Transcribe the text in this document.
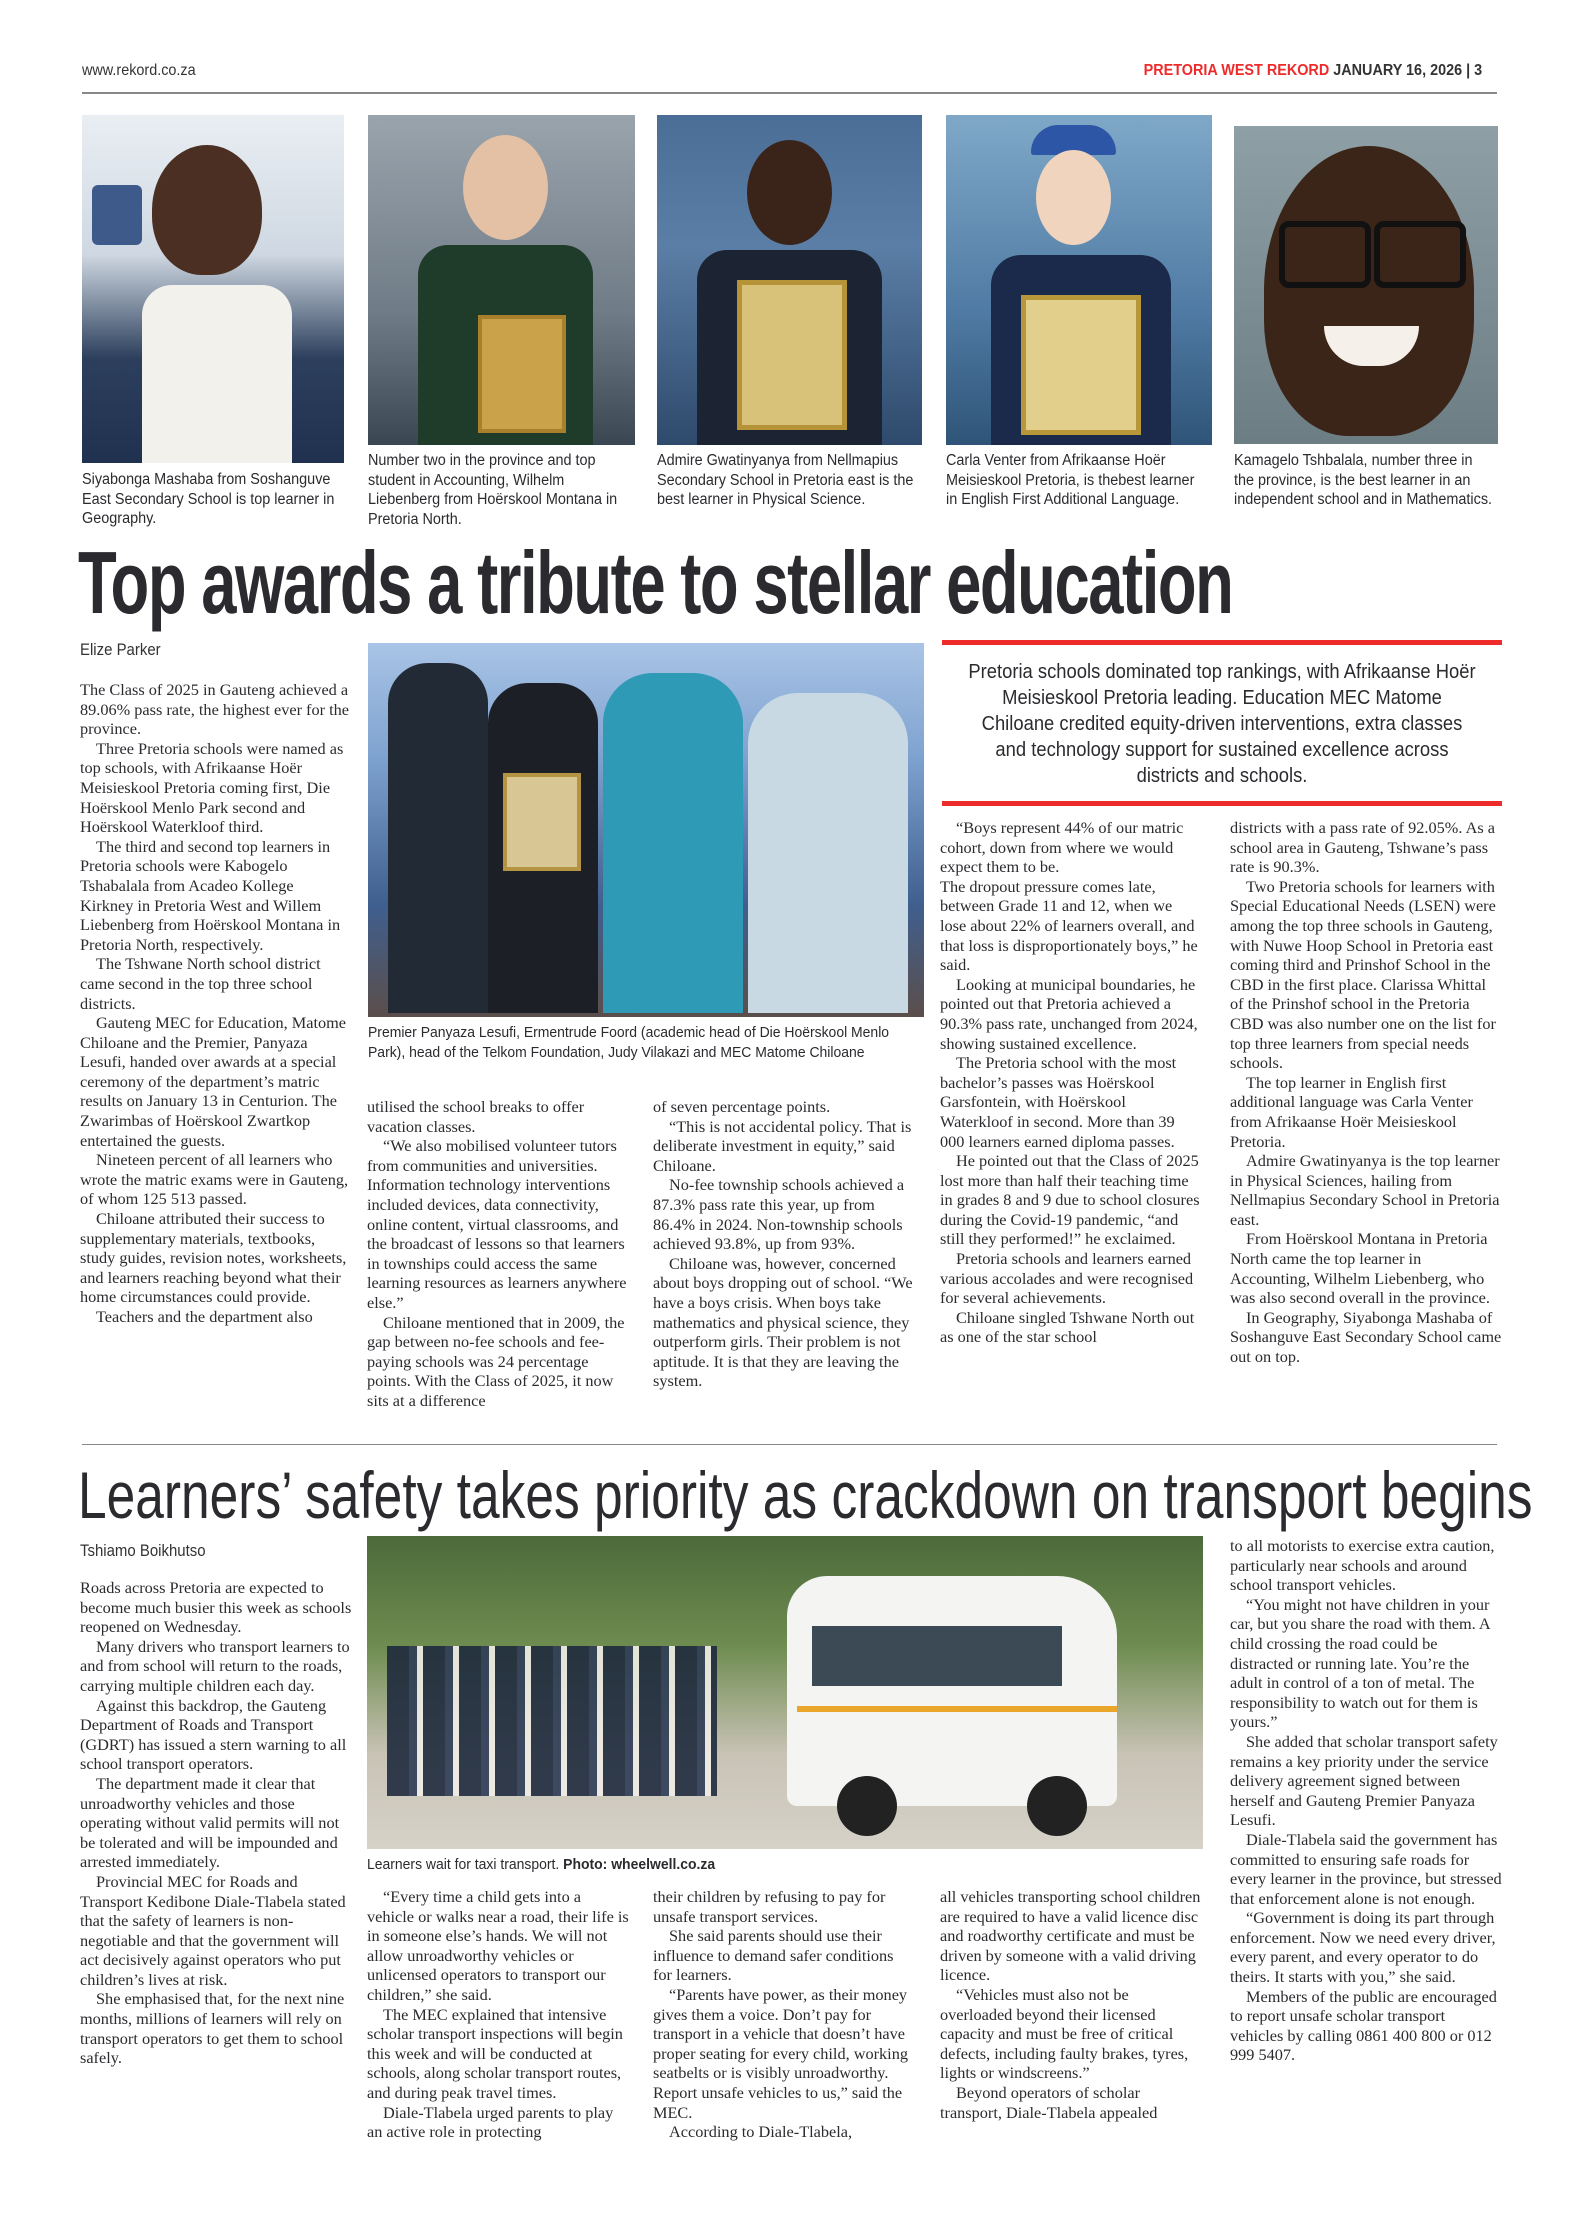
www.rekord.co.za	PRETORIA WEST REKORD JANUARY 16, 2026 | 3
Siyabonga Mashaba from Soshanguve East Secondary School is top learner in Geography.
Number two in the province and top student in Accounting, Wilhelm Liebenberg from Hoërskool Montana in Pretoria North.
Admire Gwatinyanya from Nellmapius Secondary School in Pretoria east is the best learner in Physical Science.
Carla Venter from Afrikaanse Hoër Meisieskool Pretoria, is thebest learner in English First Additional Language.
Kamagelo Tshbalala, number three in the province, is the best learner in an independent school and in Mathematics.
Top awards a tribute to stellar education
Elize Parker
Premier Panyaza Lesufi, Ermentrude Foord (academic head of Die Hoërskool Menlo Park), head of the Telkom Foundation, Judy Vilakazi and MEC Matome Chiloane
Pretoria schools dominated top rankings, with Afrikaanse Hoër Meisieskool Pretoria leading. Education MEC Matome Chiloane credited equity-driven interventions, extra classes and technology support for sustained excellence across districts and schools.

The Class of 2025 in Gauteng achieved a 89.06% pass rate, the highest ever for the province.

Three Pretoria schools were named as top schools, with Afrikaanse Hoër Meisieskool Pretoria coming first, Die Hoërskool Menlo Park second and Hoërskool Waterkloof third.

The third and second top learners in Pretoria schools were Kabogelo Tshabalala from Acadeo Kollege Kirkney in Pretoria West and Willem Liebenberg from Hoërskool Montana in Pretoria North, respectively.

The Tshwane North school district came second in the top three school districts.

Gauteng MEC for Education, Matome Chiloane and the Premier, Panyaza Lesufi, handed over awards at a special ceremony of the department’s matric results on January 13 in Centurion. The Zwarimbas of Hoërskool Zwartkop entertained the guests.

Nineteen percent of all learners who wrote the matric exams were in Gauteng, of whom 125 513 passed.

Chiloane attributed their success to supplementary materials, textbooks, study guides, revision notes, worksheets, and learners reaching beyond what their home circumstances could provide.

Teachers and the department also

utilised the school breaks to offer vacation classes.

“We also mobilised volunteer tutors from communities and universities. Information technology interventions included devices, data connectivity, online content, virtual classrooms, and the broadcast of lessons so that learners in townships could access the same learning resources as learners anywhere else.”

Chiloane mentioned that in 2009, the gap between no-fee schools and fee-paying schools was 24 percentage points. With the Class of 2025, it now sits at a difference

of seven percentage points.

“This is not accidental policy. That is deliberate investment in equity,” said Chiloane.

No-fee township schools achieved a 87.3% pass rate this year, up from 86.4% in 2024. Non-township schools achieved 93.8%, up from 93%.

Chiloane was, however, concerned about boys dropping out of school. “We have a boys crisis. When boys take mathematics and physical science, they outperform girls. Their problem is not aptitude. It is that they are leaving the system.

“Boys represent 44% of our matric cohort, down from where we would expect them to be.

The dropout pressure comes late, between Grade 11 and 12, when we lose about 22% of learners overall, and that loss is disproportionately boys,” he said.

Looking at municipal boundaries, he pointed out that Pretoria achieved a 90.3% pass rate, unchanged from 2024, showing sustained excellence.

The Pretoria school with the most bachelor’s passes was Hoërskool Garsfontein, with Hoërskool Waterkloof in second. More than 39 000 learners earned diploma passes.

He pointed out that the Class of 2025 lost more than half their teaching time in grades 8 and 9 due to school closures during the Covid-19 pandemic, “and still they performed!” he exclaimed.

Pretoria schools and learners earned various accolades and were recognised for several achievements.

Chiloane singled Tshwane North out as one of the star school

districts with a pass rate of 92.05%. As a school area in Gauteng, Tshwane’s pass rate is 90.3%.

Two Pretoria schools for learners with Special Educational Needs (LSEN) were among the top three schools in Gauteng, with Nuwe Hoop School in Pretoria east coming third and Prinshof School in the CBD in the first place. Clarissa Whittal of the Prinshof school in the Pretoria CBD was also number one on the list for top three learners from special needs schools.

The top learner in English first additional language was Carla Venter from Afrikaanse Hoër Meisieskool Pretoria.

Admire Gwatinyanya is the top learner in Physical Sciences, hailing from Nellmapius Secondary School in Pretoria east.

From Hoërskool Montana in Pretoria North came the top learner in Accounting, Wilhelm Liebenberg, who was also second overall in the province.

In Geography, Siyabonga Mashaba of Soshanguve East Secondary School came out on top.

Learners’ safety takes priority as crackdown on transport begins
Tshiamo Boikhutso
Learners wait for taxi transport. Photo: wheelwell.co.za

Roads across Pretoria are expected to become much busier this week as schools reopened on Wednesday.

Many drivers who transport learners to and from school will return to the roads, carrying multiple children each day.

Against this backdrop, the Gauteng Department of Roads and Transport (GDRT) has issued a stern warning to all school transport operators.

The department made it clear that unroadworthy vehicles and those operating without valid permits will not be tolerated and will be impounded and arrested immediately.

Provincial MEC for Roads and Transport Kedibone Diale-Tlabela stated that the safety of learners is non-negotiable and that the government will act decisively against operators who put children’s lives at risk.

She emphasised that, for the next nine months, millions of learners will rely on transport operators to get them to school safely.

“Every time a child gets into a vehicle or walks near a road, their life is in someone else’s hands. We will not allow unroadworthy vehicles or unlicensed operators to transport our children,” she said.

The MEC explained that intensive scholar transport inspections will begin this week and will be conducted at schools, along scholar transport routes, and during peak travel times.

Diale-Tlabela urged parents to play an active role in protecting

their children by refusing to pay for unsafe transport services.

She said parents should use their influence to demand safer conditions for learners.

“Parents have power, as their money gives them a voice. Don’t pay for transport in a vehicle that doesn’t have proper seating for every child, working seatbelts or is visibly unroadworthy. Report unsafe vehicles to us,” said the MEC.

According to Diale-Tlabela,

all vehicles transporting school children are required to have a valid licence disc and roadworthy certificate and must be driven by someone with a valid driving licence.

“Vehicles must also not be overloaded beyond their licensed capacity and must be free of critical defects, including faulty brakes, tyres, lights or windscreens.”

Beyond operators of scholar transport, Diale-Tlabela appealed

to all motorists to exercise extra caution, particularly near schools and around school transport vehicles.

“You might not have children in your car, but you share the road with them. A child crossing the road could be distracted or running late. You’re the adult in control of a ton of metal. The responsibility to watch out for them is yours.”

She added that scholar transport safety remains a key priority under the service delivery agreement signed between herself and Gauteng Premier Panyaza Lesufi.

Diale-Tlabela said the government has committed to ensuring safe roads for every learner in the province, but stressed that enforcement alone is not enough.

“Government is doing its part through enforcement. Now we need every driver, every parent, and every operator to do theirs. It starts with you,” she said.

Members of the public are encouraged to report unsafe scholar transport vehicles by calling 0861 400 800 or 012 999 5407.
